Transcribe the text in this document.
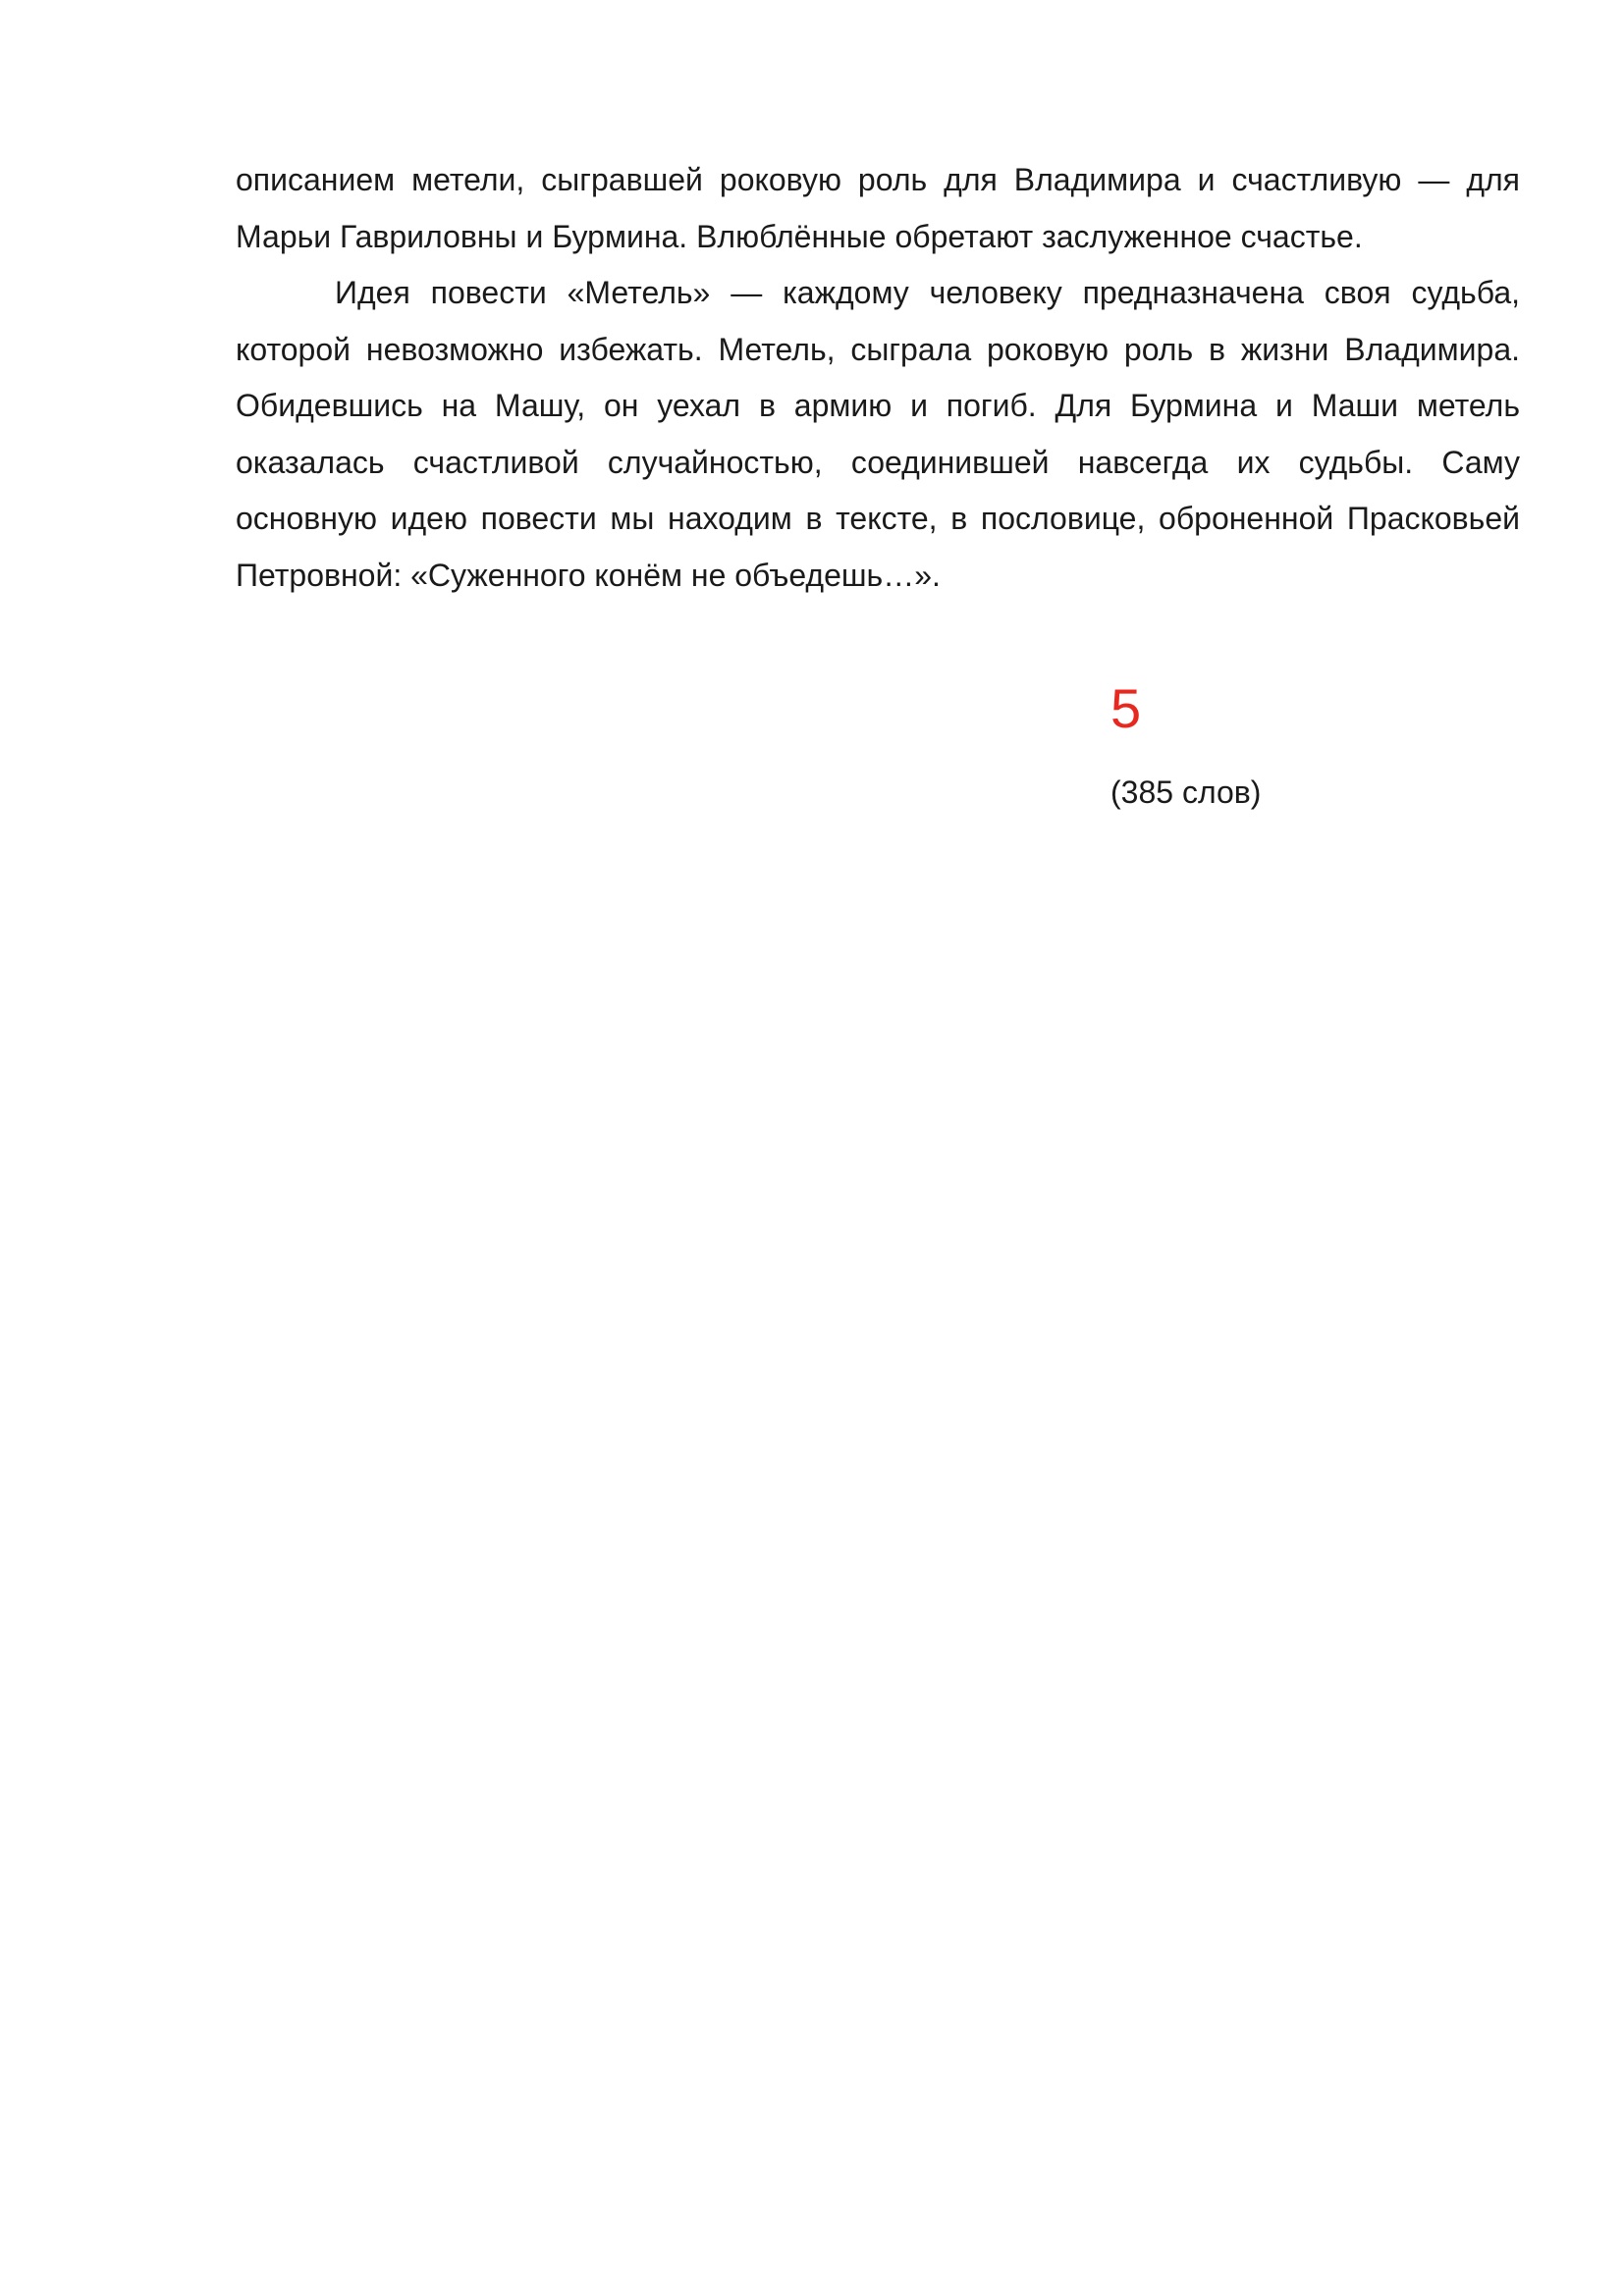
описанием метели, сыгравшей роковую роль для Владимира и счастливую — для Марьи Гавриловны и Бурмина. Влюблённые обретают заслуженное счастье.

Идея повести «Метель» — каждому человеку предназначена своя судьба, которой невозможно избежать. Метель, сыграла роковую роль в жизни Владимира. Обидевшись на Машу, он уехал в армию и погиб. Для Бурмина и Маши метель оказалась счастливой случайностью, соединившей навсегда их судьбы. Саму основную идею повести мы находим в тексте, в пословице, оброненной Прасковьей Петровной: «Суженного конём не объедешь…».

5
(385 слов)
